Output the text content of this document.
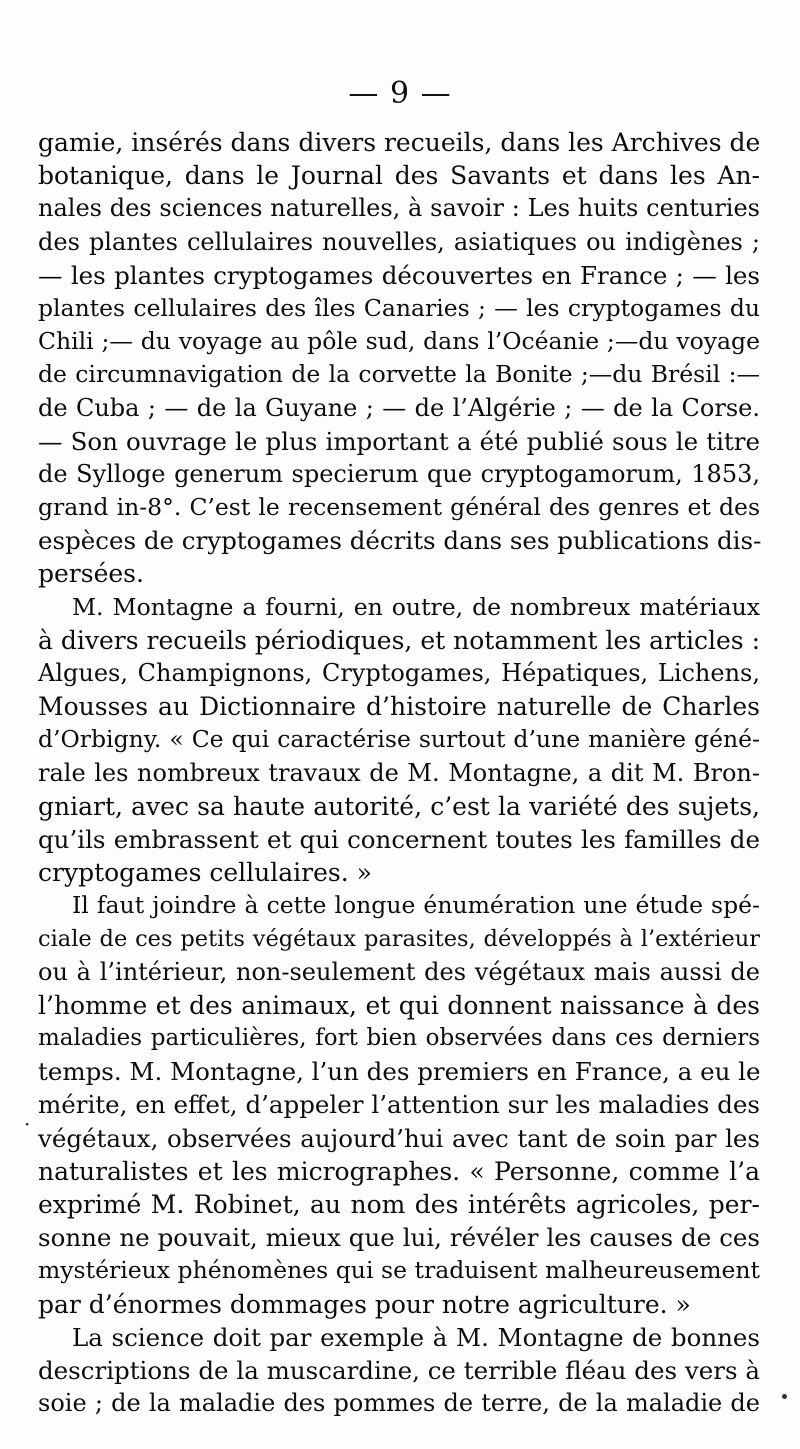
— 9 —
gamie, insérés dans divers recueils, dans les Archives de
botanique, dans le Journal des Savants et dans les An-
nales des sciences naturelles, à savoir : Les huits centuries
des plantes cellulaires nouvelles, asiatiques ou indigènes ;
— les plantes cryptogames découvertes en France ; — les
plantes cellulaires des îles Canaries ; — les cryptogames du
Chili ;— du voyage au pôle sud, dans l’Océanie ;—du voyage
de circumnavigation de la corvette la Bonite ;—du Brésil :—
de Cuba ; — de la Guyane ; — de l’Algérie ; — de la Corse.
— Son ouvrage le plus important a été publié sous le titre
de Sylloge generum specierum que cryptogamorum, 1853,
grand in-8°. C’est le recensement général des genres et des
espèces de cryptogames décrits dans ses publications dis-
persées.
M. Montagne a fourni, en outre, de nombreux matériaux
à divers recueils périodiques, et notamment les articles :
Algues, Champignons, Cryptogames, Hépatiques, Lichens,
Mousses au Dictionnaire d’histoire naturelle de Charles
d’Orbigny. « Ce qui caractérise surtout d’une manière géné-
rale les nombreux travaux de M. Montagne, a dit M. Bron-
gniart, avec sa haute autorité, c’est la variété des sujets,
qu’ils embrassent et qui concernent toutes les familles de
cryptogames cellulaires. »
Il faut joindre à cette longue énumération une étude spé-
ciale de ces petits végétaux parasites, développés à l’extérieur
ou à l’intérieur, non-seulement des végétaux mais aussi de
l’homme et des animaux, et qui donnent naissance à des
maladies particulières, fort bien observées dans ces derniers
temps. M. Montagne, l’un des premiers en France, a eu le
mérite, en effet, d’appeler l’attention sur les maladies des
végétaux, observées aujourd’hui avec tant de soin par les
naturalistes et les micrographes. « Personne, comme l’a
exprimé M. Robinet, au nom des intérêts agricoles, per-
sonne ne pouvait, mieux que lui, révéler les causes de ces
mystérieux phénomènes qui se traduisent malheureusement
par d’énormes dommages pour notre agriculture. »
La science doit par exemple à M. Montagne de bonnes
descriptions de la muscardine, ce terrible fléau des vers à
soie ; de la maladie des pommes de terre, de la maladie de
·
